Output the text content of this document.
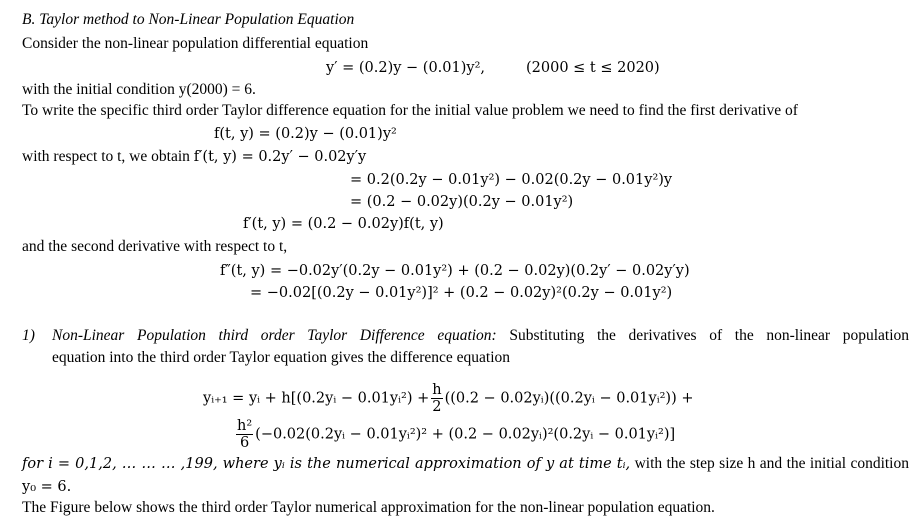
B. Taylor method to Non-Linear Population Equation
Consider the non-linear population differential equation
y′ = (0.2)y − (0.01)y²,	(2000 ≤ t ≤ 2020)
with the initial condition y(2000) = 6.
To write the specific third order Taylor difference equation for the initial value problem we need to find the first derivative of
f(t, y) = (0.2)y − (0.01)y²
with respect to t, we obtain f′(t, y) = 0.2y′ − 0.02y′y
= 0.2(0.2y − 0.01y²) − 0.02(0.2y − 0.01y²)y
= (0.2 − 0.02y)(0.2y − 0.01y²)
f′(t, y) = (0.2 − 0.02y)f(t, y)
and the second derivative with respect to t,
f″(t, y) = −0.02y′(0.2y − 0.01y²) + (0.2 − 0.02y)(0.2y′ − 0.02y′y)
= −0.02[(0.2y − 0.01y²)]² + (0.2 − 0.02y)²(0.2y − 0.01y²)
1) Non-Linear Population third order Taylor Difference equation: Substituting the derivatives of the non-linear population
equation into the third order Taylor equation gives the difference equation
yᵢ₊₁ = yᵢ + h[(0.2yᵢ − 0.01yᵢ²) + $\frac{h}{2} ((0.2$ − 0.02yᵢ)((0.2yᵢ − 0.01yᵢ²)) +
$\frac{\text{h²}}{6}$ (−0.02(0.2yᵢ − 0.01yᵢ²)² + (0.2 − 0.02yᵢ)²(0.2yᵢ − 0.01yᵢ²)]
for i = 0,1,2, … … … ,199, where yᵢ is the numerical approximation of y at time tᵢ, with the step size h and the initial condition
y₀ = 6.
The Figure below shows the third order Taylor numerical approximation for the non-linear population equation.
